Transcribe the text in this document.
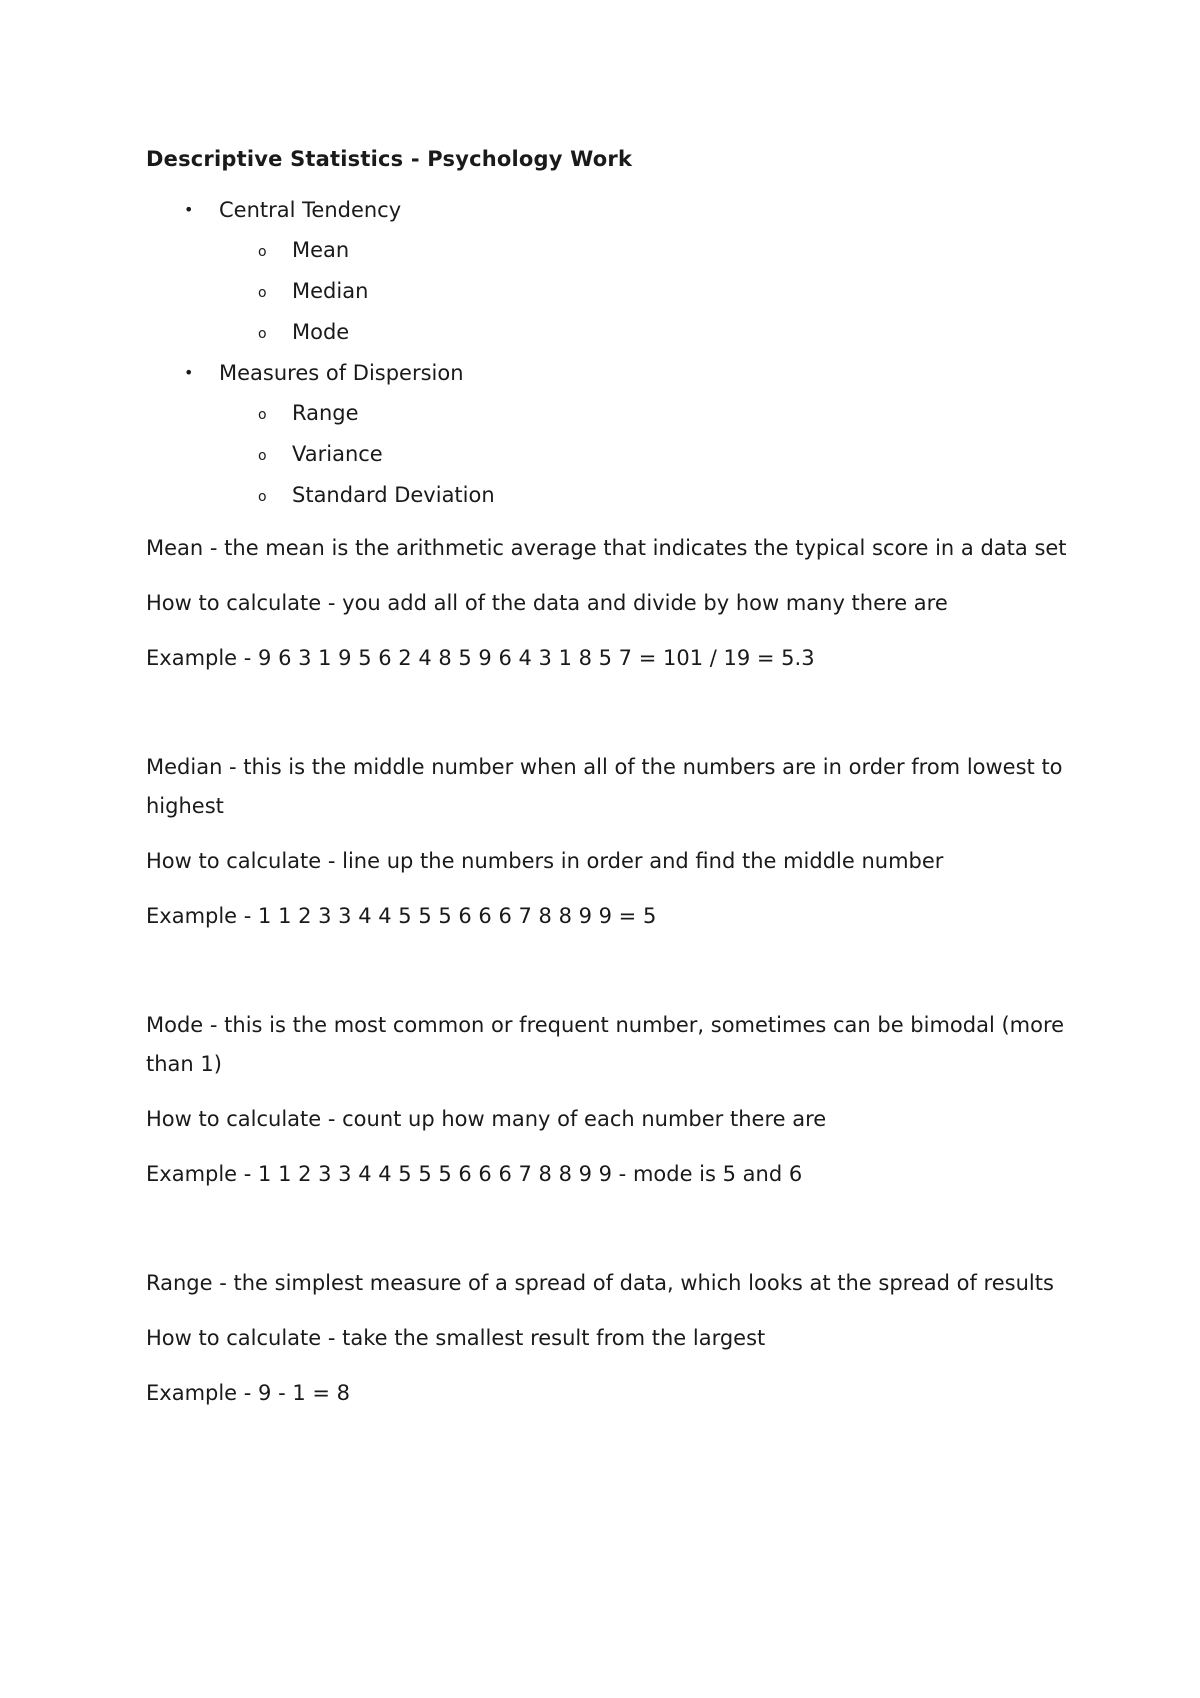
Descriptive Statistics - Psychology Work
• Central Tendency
o Mean
o Median
o Mode
• Measures of Dispersion
o Range
o Variance
o Standard Deviation

Mean - the mean is the arithmetic average that indicates the typical score in a data set

How to calculate - you add all of the data and divide by how many there are

Example - 9 6 3 1 9 5 6 2 4 8 5 9 6 4 3 1 8 5 7 = 101 / 19 = 5.3

Median - this is the middle number when all of the numbers are in order from lowest to highest

How to calculate - line up the numbers in order and find the middle number

Example - 1 1 2 3 3 4 4 5 5 5 6 6 6 7 8 8 9 9 = 5

Mode - this is the most common or frequent number, sometimes can be bimodal (more than 1)

How to calculate - count up how many of each number there are

Example - 1 1 2 3 3 4 4 5 5 5 6 6 6 7 8 8 9 9 - mode is 5 and 6

Range - the simplest measure of a spread of data, which looks at the spread of results

How to calculate - take the smallest result from the largest

Example - 9 - 1 = 8
